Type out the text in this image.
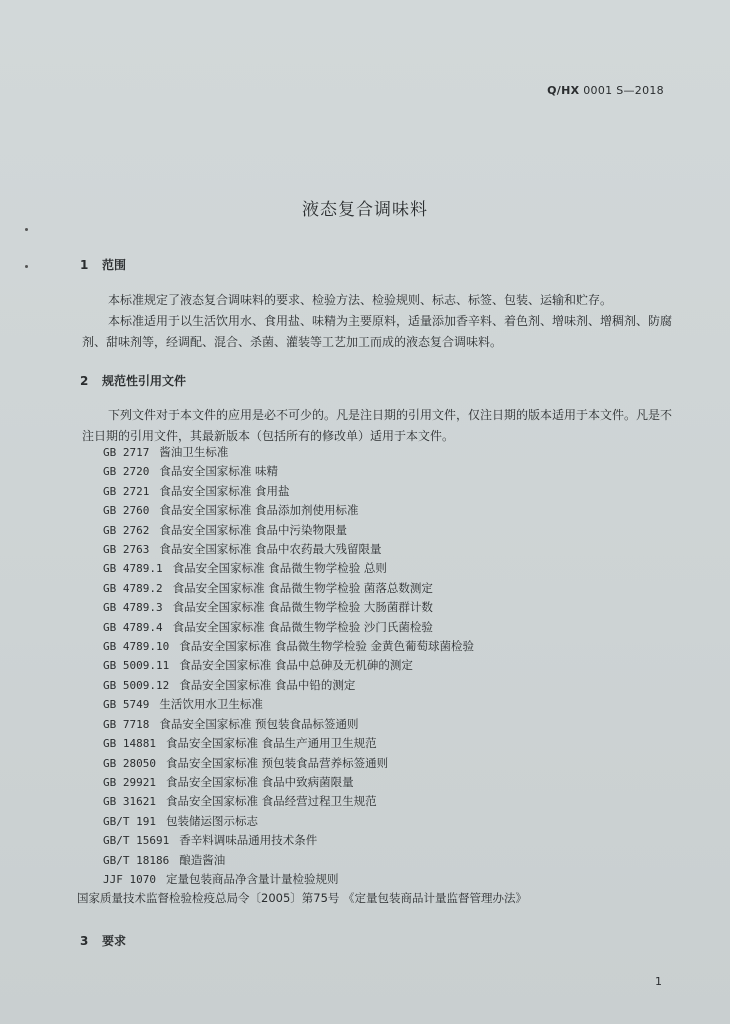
Q/HX 0001 S—2018
液态复合调味料
1 范围

本标准规定了液态复合调味料的要求、检验方法、检验规则、标志、标签、包装、运输和贮存。

本标准适用于以生活饮用水、食用盐、味精为主要原料，适量添加香辛料、着色剂、增味剂、增稠剂、防腐剂、甜味剂等，经调配、混合、杀菌、灌装等工艺加工而成的液态复合调味料。

2 规范性引用文件

下列文件对于本文件的应用是必不可少的。凡是注日期的引用文件，仅注日期的版本适用于本文件。凡是不注日期的引用文件，其最新版本（包括所有的修改单）适用于本文件。

GB 2717 酱油卫生标准
GB 2720 食品安全国家标准 味精
GB 2721 食品安全国家标准 食用盐
GB 2760 食品安全国家标准 食品添加剂使用标准
GB 2762 食品安全国家标准 食品中污染物限量
GB 2763 食品安全国家标准 食品中农药最大残留限量
GB 4789.1 食品安全国家标准 食品微生物学检验 总则
GB 4789.2 食品安全国家标准 食品微生物学检验 菌落总数测定
GB 4789.3 食品安全国家标准 食品微生物学检验 大肠菌群计数
GB 4789.4 食品安全国家标准 食品微生物学检验 沙门氏菌检验
GB 4789.10 食品安全国家标准 食品微生物学检验 金黄色葡萄球菌检验
GB 5009.11 食品安全国家标准 食品中总砷及无机砷的测定
GB 5009.12 食品安全国家标准 食品中铅的测定
GB 5749 生活饮用水卫生标准
GB 7718 食品安全国家标准 预包装食品标签通则
GB 14881 食品安全国家标准 食品生产通用卫生规范
GB 28050 食品安全国家标准 预包装食品营养标签通则
GB 29921 食品安全国家标准 食品中致病菌限量
GB 31621 食品安全国家标准 食品经营过程卫生规范
GB/T 191 包装储运图示标志
GB/T 15691 香辛料调味品通用技术条件
GB/T 18186 酿造酱油
JJF 1070 定量包装商品净含量计量检验规则
国家质量技术监督检验检疫总局令〔2005〕第75号 《定量包装商品计量监督管理办法》
3 要求
1
